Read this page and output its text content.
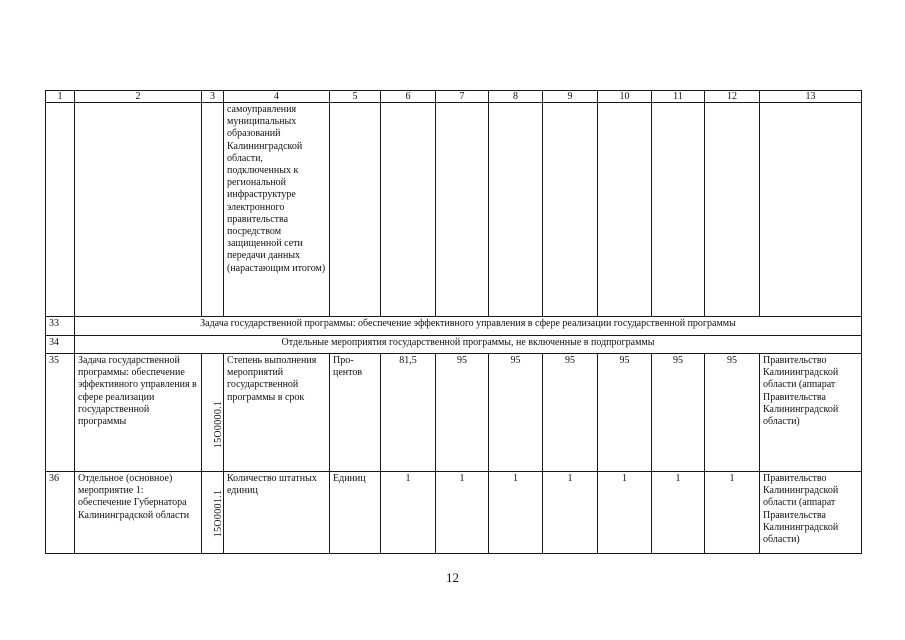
1	2	3	4	5	6	7	8	9	10	11	12	13
			самоуправления муниципальных образований Калининградской области, подключенных к региональной инфраструктуре электронного правительства посредством защищенной сети передачи данных (нарастающим итогом)									
33	Задача государственной программы: обеспечение эффективного управления в сфере реализации государственной программы											
34	Отдельные мероприятия государственной программы, не включенные в подпрограммы											
35	Задача государственной программы: обеспечение эффективного управления в сфере реализации государственной программы	15О0000.1	Степень выполнения мероприятий государственной программы в срок	Про-центов	81,5	95	95	95	95	95	95	Правительство Калининградской области (аппарат Правительства Калининградской области)
36	Отдельное (основное) мероприятие 1: обеспечение Губернатора Калининградской области	15О0001.1	Количество штатных единиц	Единиц	1	1	1	1	1	1	1	Правительство Калининградской области (аппарат Правительства Калининградской области)
12
